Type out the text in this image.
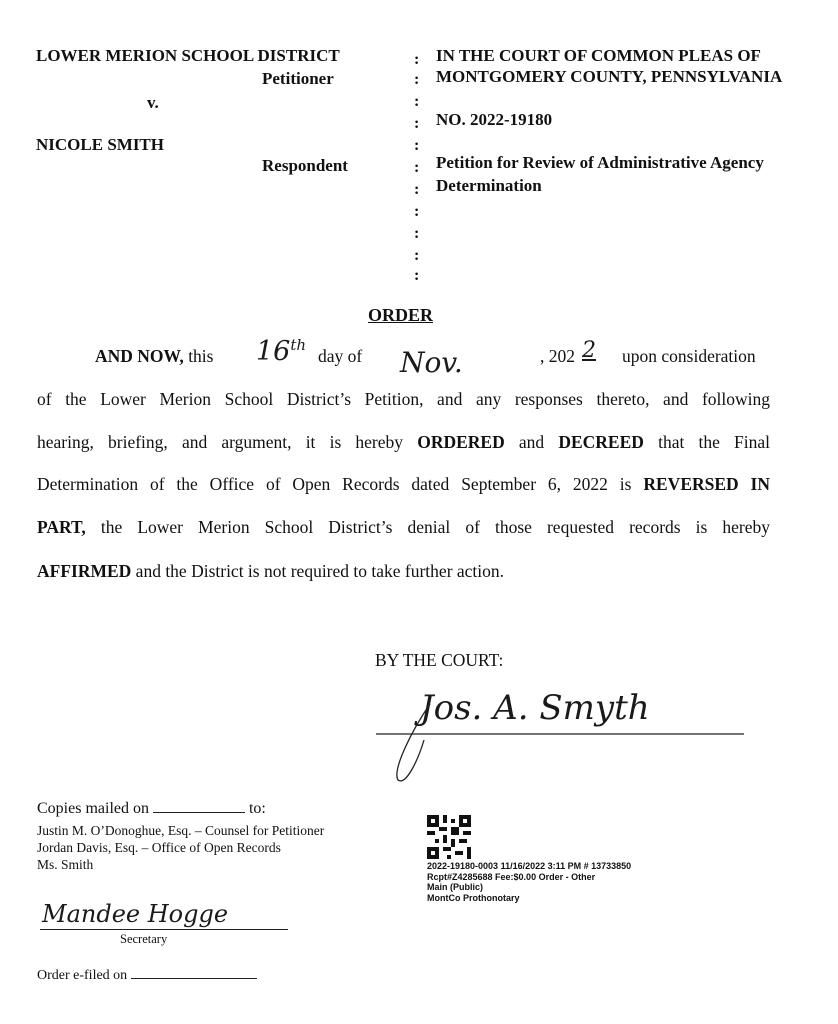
LOWER MERION SCHOOL DISTRICT
Petitioner
v.
NICOLE SMITH
Respondent
:
:
:
:
:
:
:
:
:
:
:
IN THE COURT OF COMMON PLEAS OF
MONTGOMERY COUNTY, PENNSYLVANIA
NO. 2022-19180
Petition for Review of Administrative Agency
Determination
ORDER
AND NOW, this 16th
day of Nov.	, 202 2 upon consideration
of the Lower Merion School District’s Petition, and any responses thereto, and following
hearing, briefing, and argument, it is hereby ORDERED and DECREED that the Final
Determination of the Office of Open Records dated September 6, 2022 is REVERSED IN
PART, the Lower Merion School District’s denial of those requested records is hereby
AFFIRMED and the District is not required to take further action.
BY THE COURT:
Jos. A. Smyth
Copies mailed on	to:
Justin M. O’Donoghue, Esq. – Counsel for Petitioner
Jordan Davis, Esq. – Office of Open Records
Ms. Smith
Mandee Hogge
Secretary
Order e-filed on
2022-19180-0003 11/16/2022 3:11 PM # 13733850
Rcpt#Z4285688 Fee:$0.00 Order - Other
Main (Public)
MontCo Prothonotary
